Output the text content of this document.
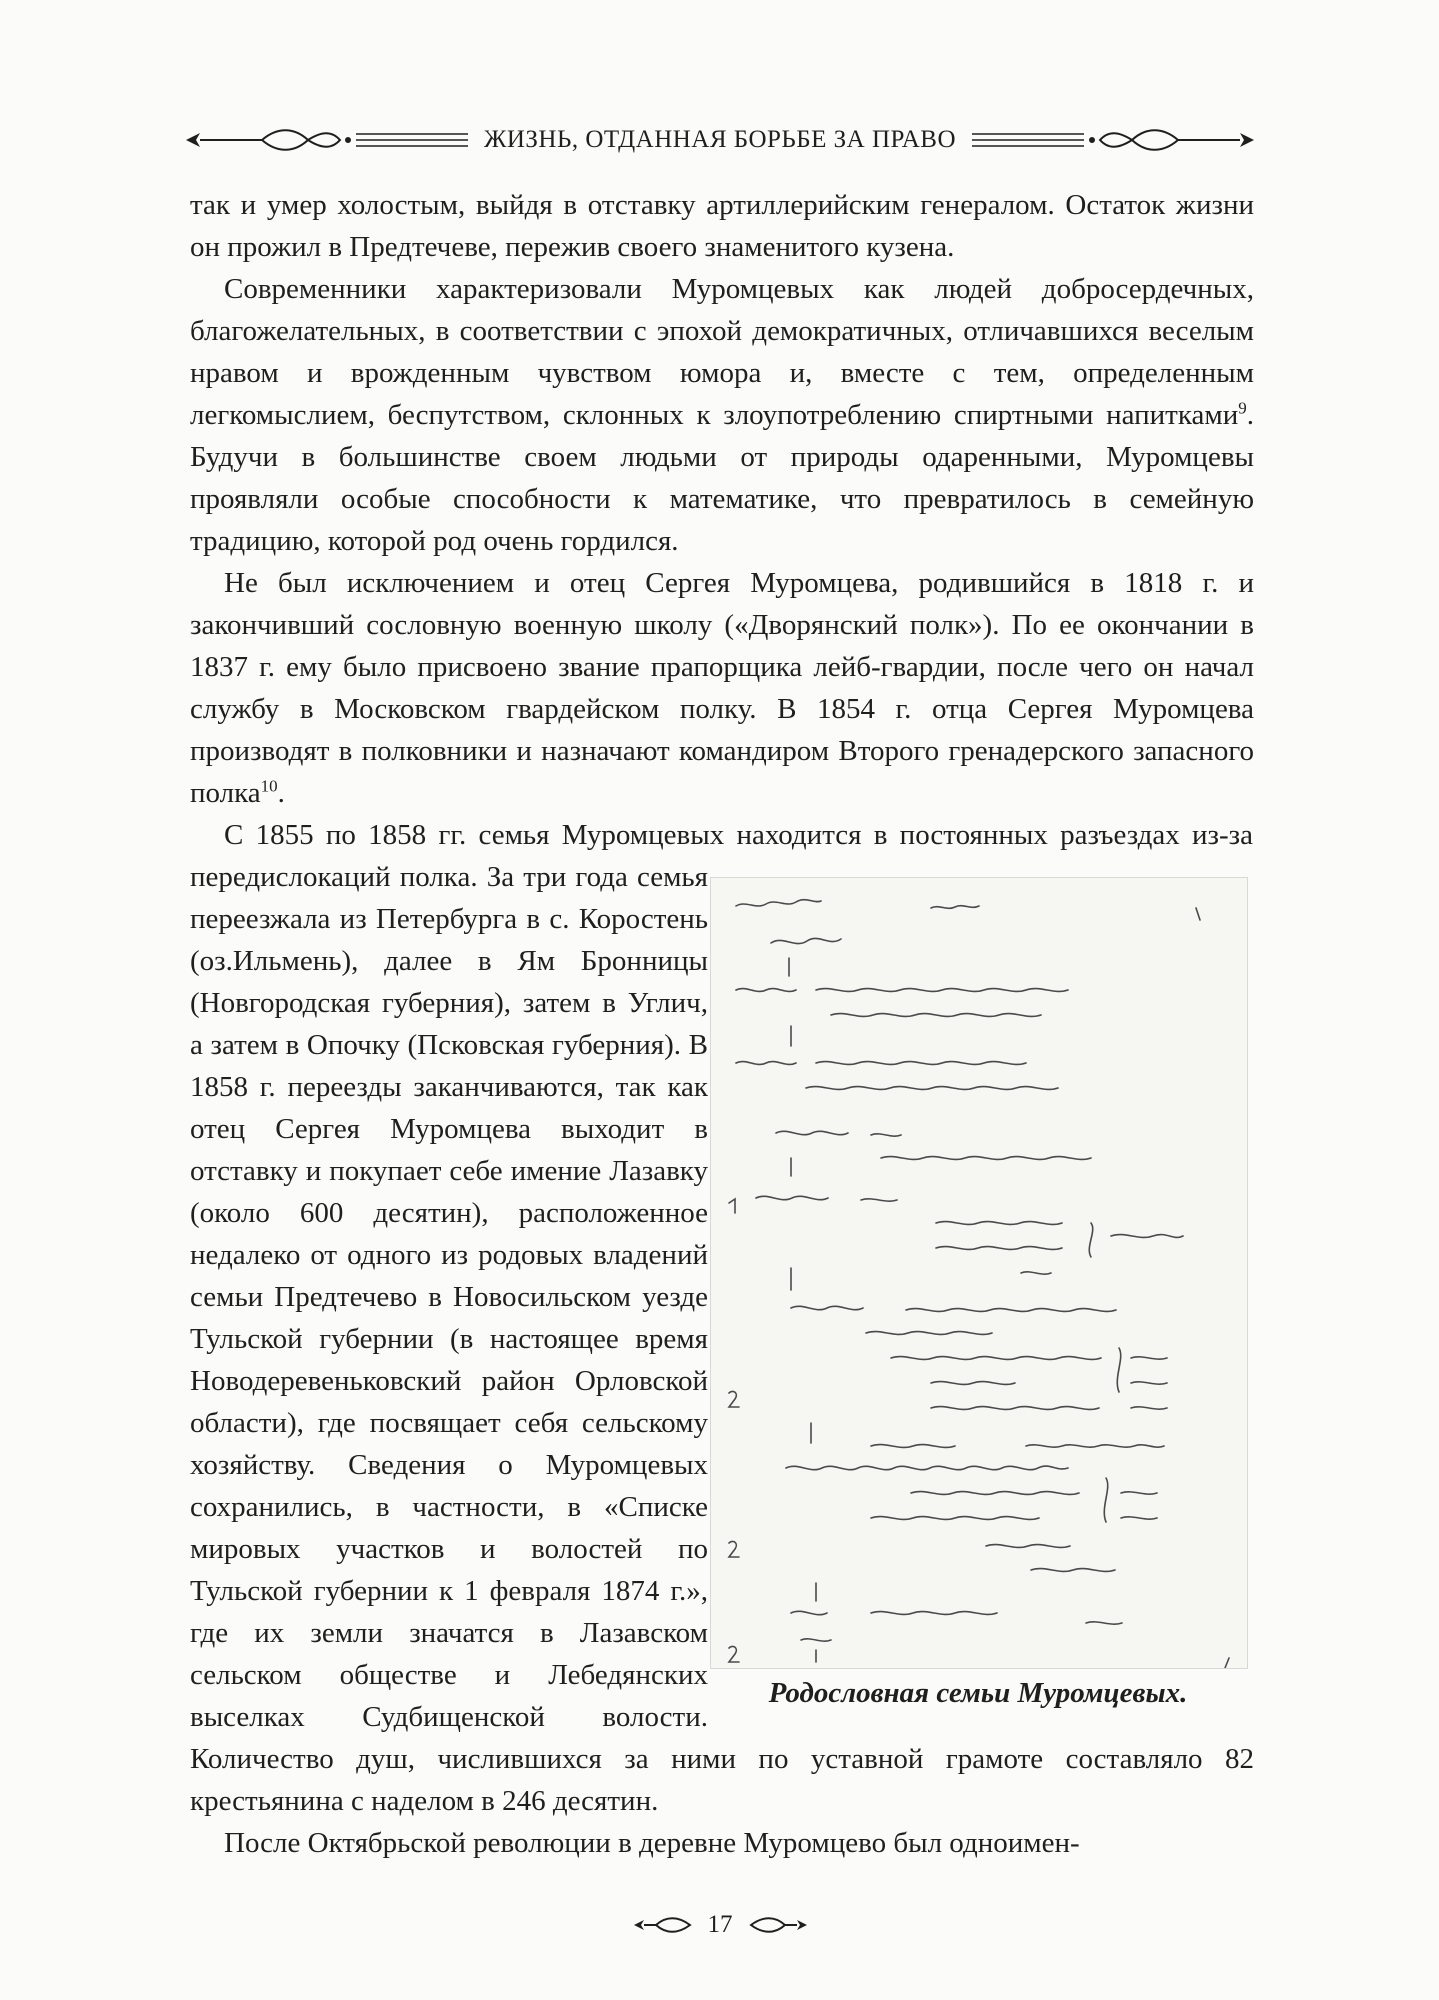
ЖИЗНЬ, ОТДАННАЯ БОРЬБЕ ЗА ПРАВО
Родословная семьи Муромцевых.

так и умер холостым, выйдя в отставку артиллерийским генералом. Остаток жизни он прожил в Предтечеве, пережив своего знаменитого кузена.

Современники характеризовали Муромцевых как людей добросердечных, благожелательных, в соответствии с эпохой демократичных, отличавшихся веселым нравом и врожденным чувством юмора и, вместе с тем, определенным легкомыслием, беспутством, склонных к злоупотреблению спиртными напитками$^9$. Будучи в большинстве своем людьми от природы одаренными, Муромцевы проявляли особые способности к математике, что превратилось в семейную традицию, которой род очень гордился.

Не был исключением и отец Сергея Муромцева, родившийся в 1818 г. и закончивший сословную военную школу («Дворянский полк»). По ее окончании в 1837 г. ему было присвоено звание прапорщика лейб-гвардии, после чего он начал службу в Московском гвардейском полку. В 1854 г. отца Сергея Муромцева производят в полковники и назначают командиром Второго гренадерского запасного полка$^{10}$.

С 1855 по 1858 гг. семья Муромцевых находится в постоянных разъездах из-за передислокаций полка. За три года семья переезжала из Петербурга в с. Коростень (оз.Ильмень), далее в Ям Бронницы (Новгородская губерния), затем в Углич, а затем в Опочку (Псковская губерния). В 1858 г. переезды заканчиваются, так как отец Сергея Муромцева выходит в отставку и покупает себе имение Лазавку (около 600 десятин), расположенное недалеко от одного из родовых владений семьи Предтечево в Новосильском уезде Тульской губернии (в настоящее время Новодеревеньковский район Орловской области), где посвящает себя сельскому хозяйству. Сведения о Муромцевых сохранились, в частности, в «Списке мировых участков и волостей по Тульской губернии к 1 февраля 1874 г.», где их земли значатся в Лазавском сельском обществе и Лебедянских выселках Судбищенской волости. Количество душ, числившихся за ними по уставной грамоте составляло 82 крестьянина с наделом в 246 десятин.

После Октябрьской революции в деревне Муромцево был одноимен-

17
